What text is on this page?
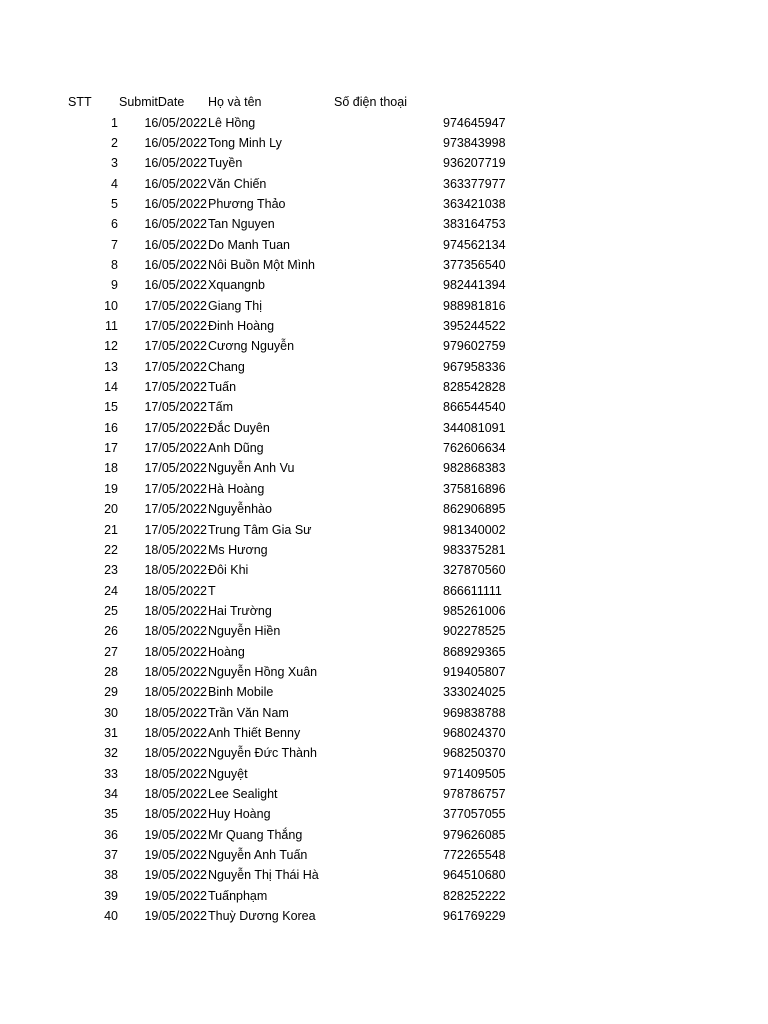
STT SubmitDate Họ và tên	Số điện thoại
1	16/05/2022 Lê Hồng	974645947
2	16/05/2022 Tong Minh Ly	973843998
3	16/05/2022 Tuyền	936207719
4	16/05/2022 Văn Chiến	363377977
5	16/05/2022 Phương Thảo	363421038
6	16/05/2022 Tan Nguyen	383164753
7	16/05/2022 Do Manh Tuan	974562134
8	16/05/2022 Nôi Buồn Một Mình	377356540
9	16/05/2022 Xquangnb	982441394
10	17/05/2022 Giang Thị	988981816
11	17/05/2022 Đinh Hoàng	395244522
12	17/05/2022 Cương Nguyễn	979602759
13	17/05/2022 Chang	967958336
14	17/05/2022 Tuấn	828542828
15	17/05/2022 Tấm	866544540
16	17/05/2022 Đắc Duyên	344081091
17	17/05/2022 Anh Dũng	762606634
18	17/05/2022 Nguyễn Anh Vu	982868383
19	17/05/2022 Hà Hoàng	375816896
20	17/05/2022 Nguyễnhào	862906895
21	17/05/2022 Trung Tâm Gia Sư	981340002
22	18/05/2022 Ms Hương	983375281
23	18/05/2022 Đôi Khi	327870560
24	18/05/2022 T	866611111
25	18/05/2022 Hai Trường	985261006
26	18/05/2022 Nguyễn Hiền	902278525
27	18/05/2022 Hoàng	868929365
28	18/05/2022 Nguyễn Hồng Xuân	919405807
29	18/05/2022 Binh Mobile	333024025
30	18/05/2022 Trần Văn Nam	969838788
31	18/05/2022 Anh Thiết Benny	968024370
32	18/05/2022 Nguyễn Đức Thành	968250370
33	18/05/2022 Nguyệt	971409505
34	18/05/2022 Lee Sealight	978786757
35	18/05/2022 Huy Hoàng	377057055
36	19/05/2022 Mr Quang Thắng	979626085
37	19/05/2022 Nguyễn Anh Tuấn	772265548
38	19/05/2022 Nguyễn Thị Thái Hà	964510680
39	19/05/2022 Tuấnphạm	828252222
40	19/05/2022 Thuỳ Dương Korea	961769229
